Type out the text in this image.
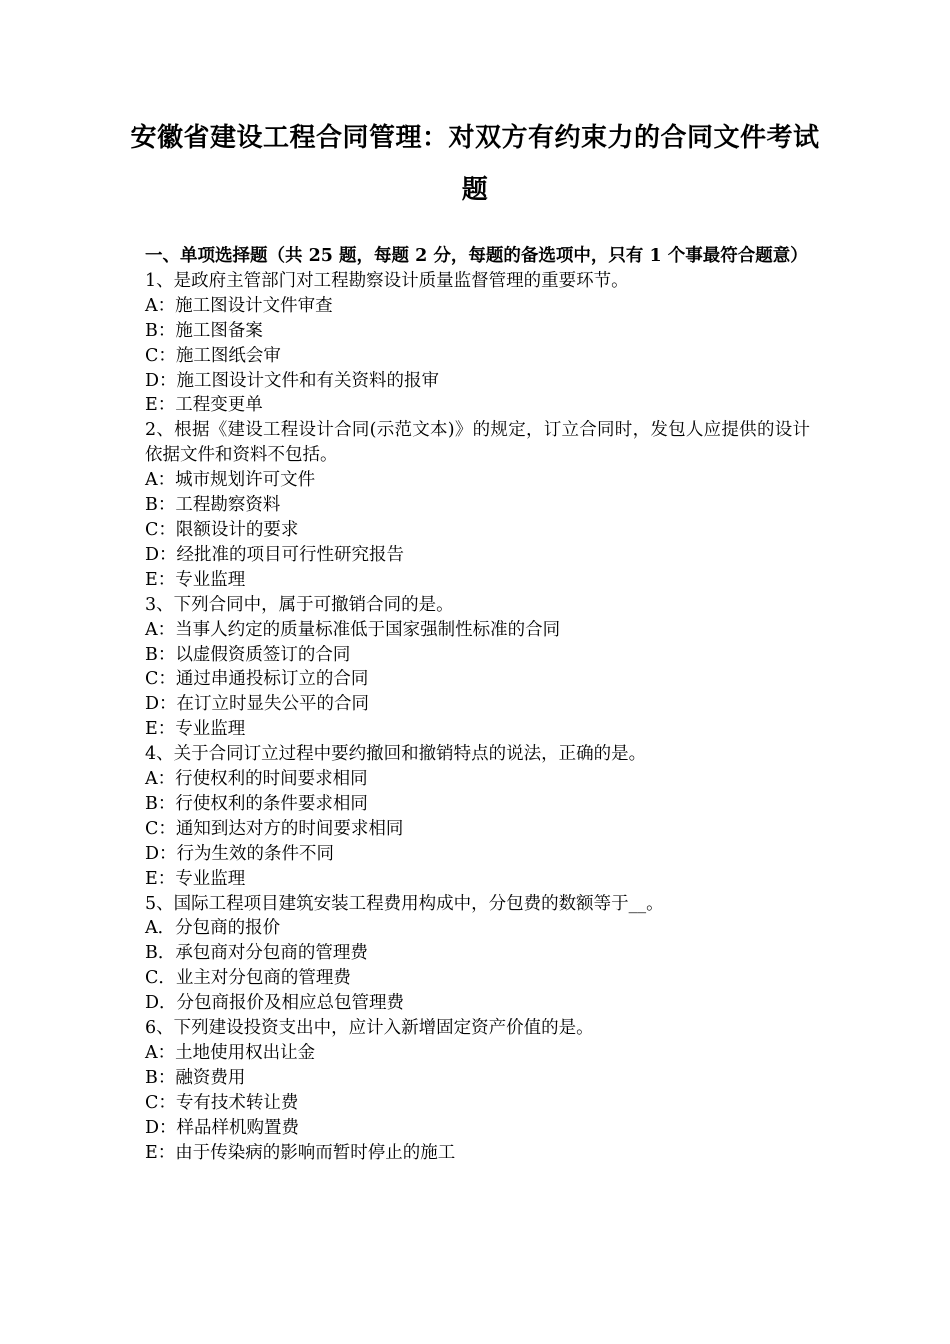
安徽省建设工程合同管理：对双方有约束力的合同文件考试题

一、单项选择题（共 25 题，每题 2 分，每题的备选项中，只有 1 个事最符合题意）

1、是政府主管部门对工程勘察设计质量监督管理的重要环节。

A：施工图设计文件审查

B：施工图备案

C：施工图纸会审

D：施工图设计文件和有关资料的报审

E：工程变更单

2、根据《建设工程设计合同(示范文本)》的规定，订立合同时，发包人应提供的设计依据文件和资料不包括。

A：城市规划许可文件

B：工程勘察资料

C：限额设计的要求

D：经批准的项目可行性研究报告

E：专业监理

3、下列合同中，属于可撤销合同的是。

A：当事人约定的质量标准低于国家强制性标准的合同

B：以虚假资质签订的合同

C：通过串通投标订立的合同

D：在订立时显失公平的合同

E：专业监理

4、关于合同订立过程中要约撤回和撤销特点的说法，正确的是。

A：行使权利的时间要求相同

B：行使权利的条件要求相同

C：通知到达对方的时间要求相同

D：行为生效的条件不同

E：专业监理

5、国际工程项目建筑安装工程费用构成中，分包费的数额等于__。

A．分包商的报价

B．承包商对分包商的管理费

C．业主对分包商的管理费

D．分包商报价及相应总包管理费

6、下列建设投资支出中，应计入新增固定资产价值的是。

A：土地使用权出让金

B：融资费用

C：专有技术转让费

D：样品样机购置费

E：由于传染病的影响而暂时停止的施工
